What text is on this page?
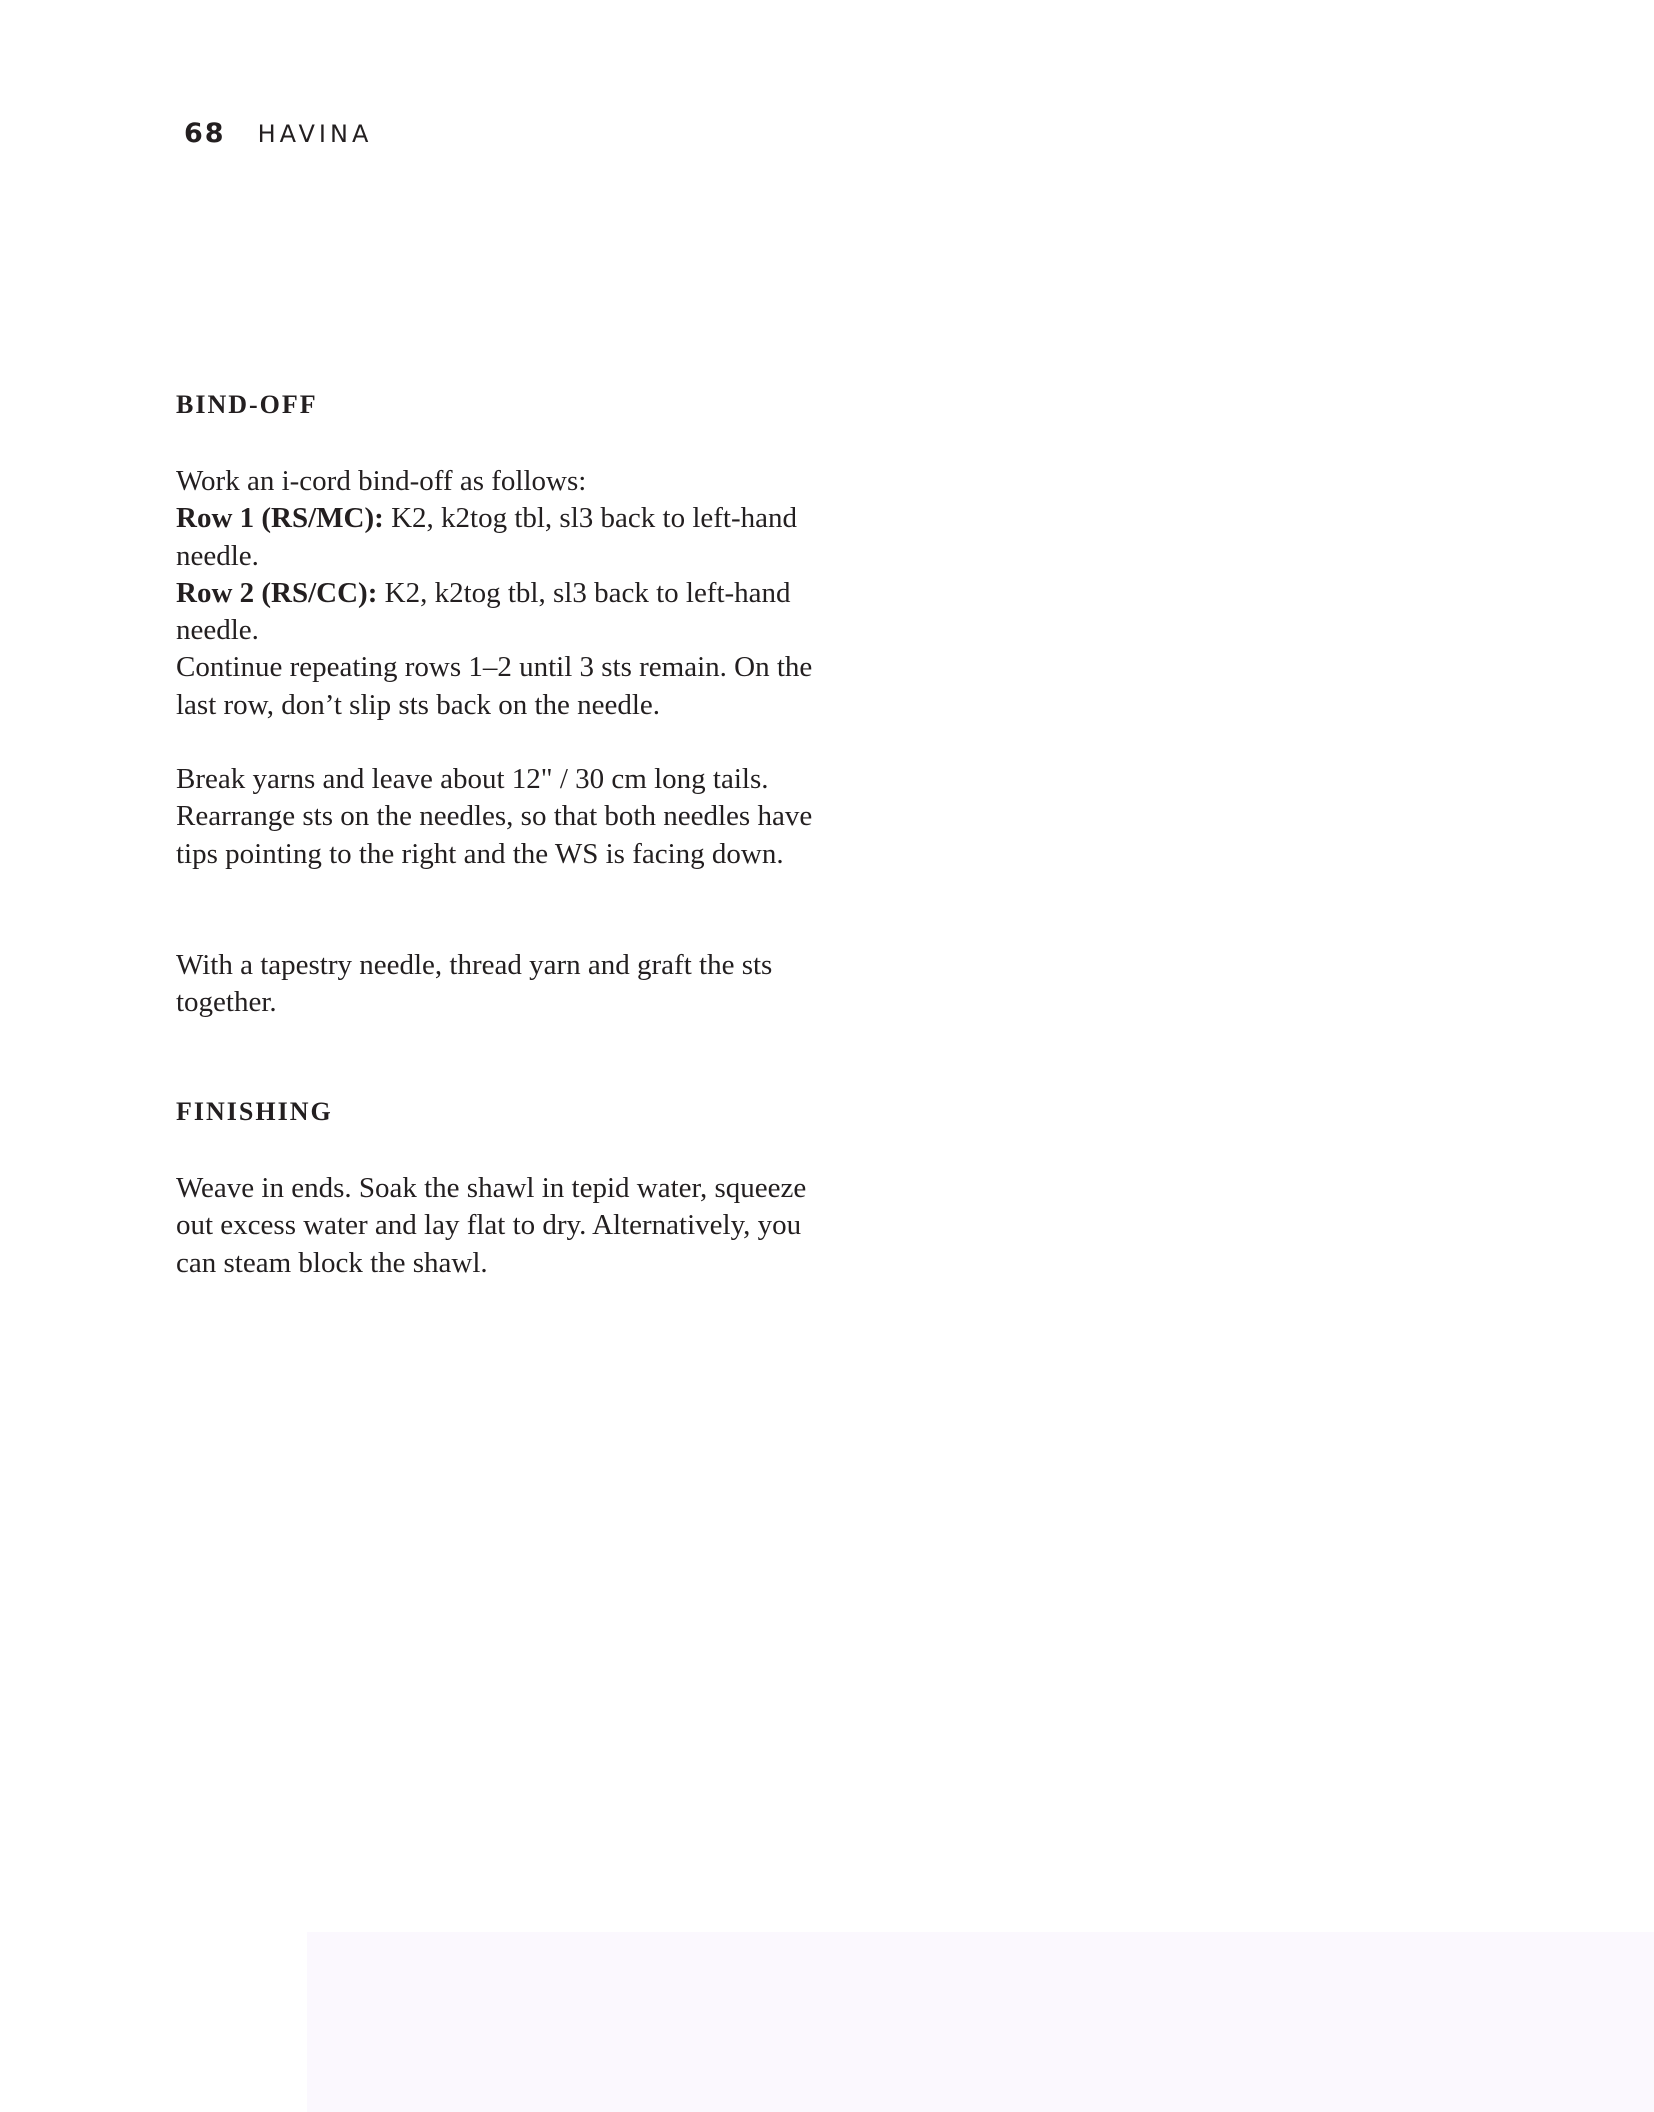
68 HAVINA
BIND-OFF

Work an i-cord bind-off as follows:

Row 1 (RS/MC): K2, k2tog tbl, sl3 back to left-hand needle.

Row 2 (RS/CC): K2, k2tog tbl, sl3 back to left-hand needle.

Continue repeating rows 1–2 until 3 sts remain. On the last row, don’t slip sts back on the needle.

Break yarns and leave about 12" / 30 cm long tails. Rearrange sts on the needles, so that both needles have tips pointing to the right and the WS is facing down.

With a tapestry needle, thread yarn and graft the sts together.

FINISHING

Weave in ends. Soak the shawl in tepid water, squeeze out excess water and lay flat to dry. Alternatively, you can steam block the shawl.
